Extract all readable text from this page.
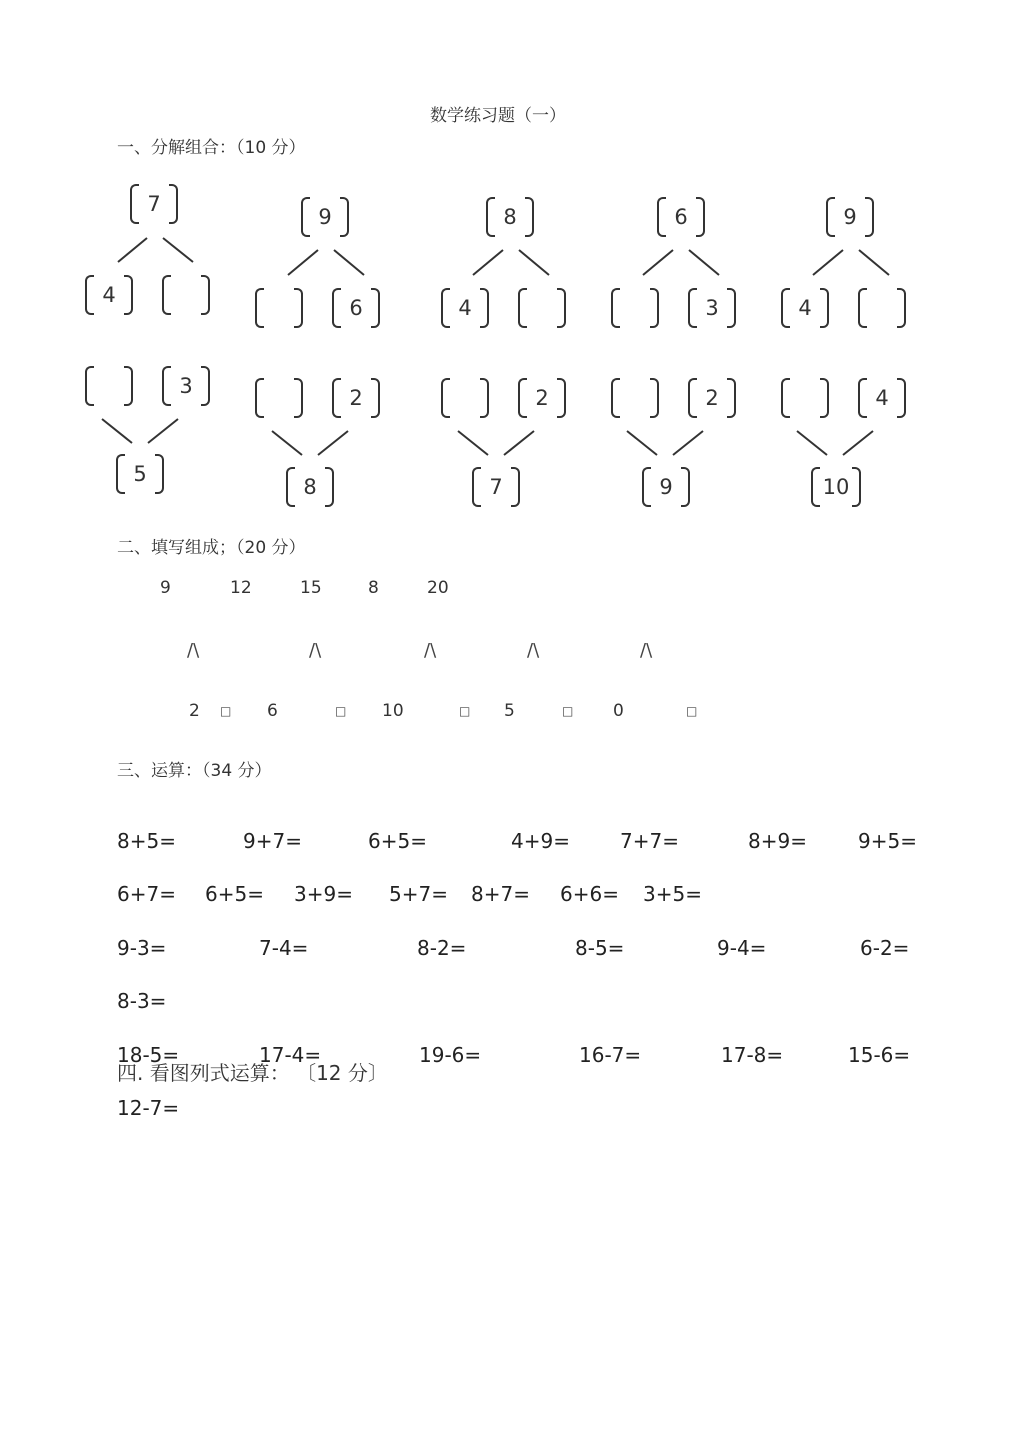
数学练习题（一）
一、分解组合：（10 分）
7
4
9
6
8
4
6
3
9
4
3
5
2
8
2
7
2
9
4
10
二、填写组成；（20 分）
9	12	15	8	20
/\	/\	/\	/\	/\
2 □ 6	□ 10	□ 5	□ 0	□
三、运算：（34 分）
8+5=	9+7=	6+5=	4+9=	7+7=	8+9=	9+5=
6+7= 6+5= 3+9= 5+7= 8+7= 6+6= 3+5=
9-3=	7-4=	8-2=	8-5=	9-4=	6-2=
8-3=
18-5=	17-4=	19-6=	16-7=	17-8=	15-6=
四. 看图列式运算： 〔12 分〕
12-7=
